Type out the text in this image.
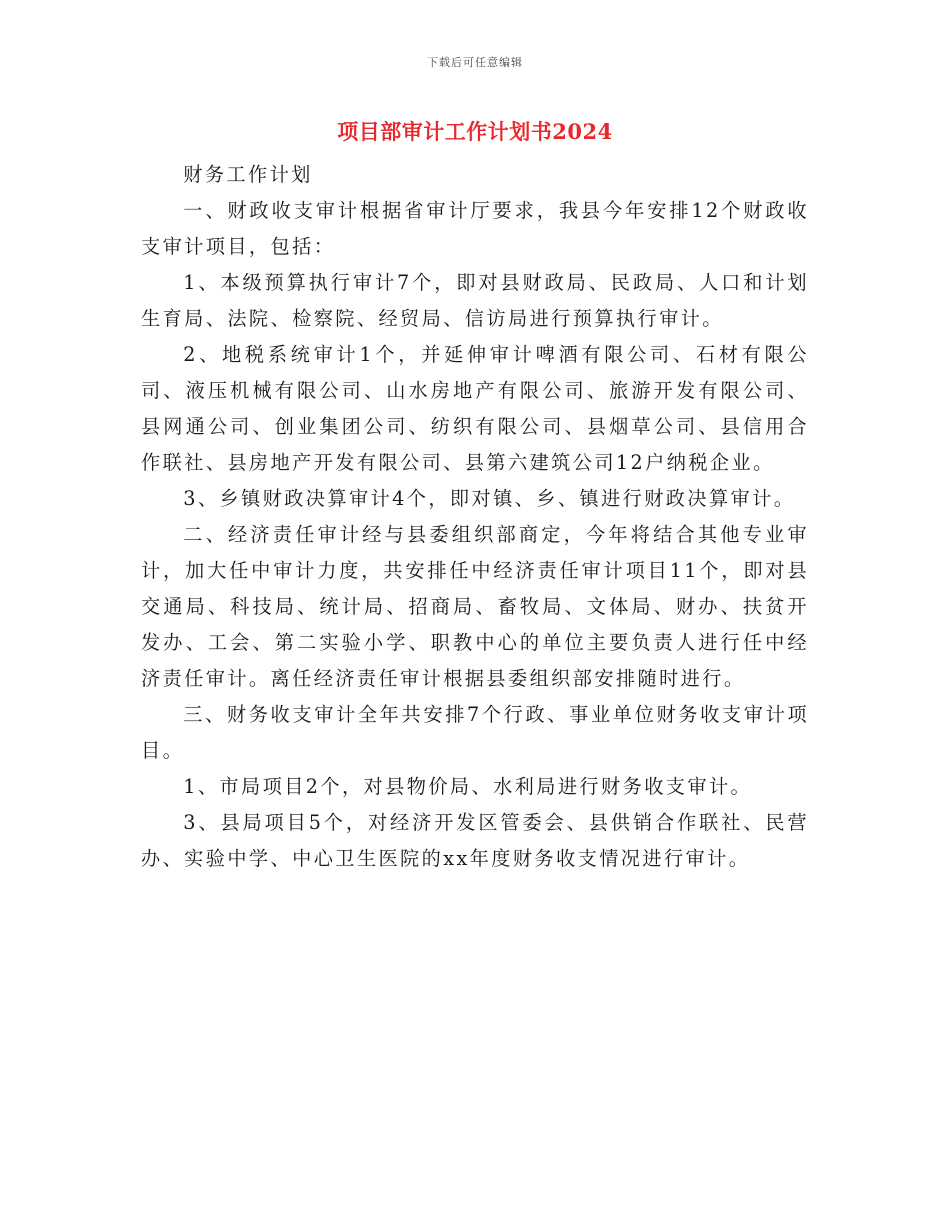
下载后可任意编辑
项目部审计工作计划书2024

财务工作计划

一、财政收支审计根据省审计厅要求，我县今年安排12个财政收支审计项目，包括：

1、本级预算执行审计7个，即对县财政局、民政局、人口和计划生育局、法院、检察院、经贸局、信访局进行预算执行审计。

2、地税系统审计1个，并延伸审计啤酒有限公司、石材有限公司、液压机械有限公司、山水房地产有限公司、旅游开发有限公司、县网通公司、创业集团公司、纺织有限公司、县烟草公司、县信用合作联社、县房地产开发有限公司、县第六建筑公司12户纳税企业。

3、乡镇财政决算审计4个，即对镇、乡、镇进行财政决算审计。

二、经济责任审计经与县委组织部商定，今年将结合其他专业审计，加大任中审计力度，共安排任中经济责任审计项目11个，即对县交通局、科技局、统计局、招商局、畜牧局、文体局、财办、扶贫开发办、工会、第二实验小学、职教中心的单位主要负责人进行任中经济责任审计。离任经济责任审计根据县委组织部安排随时进行。

三、财务收支审计全年共安排7个行政、事业单位财务收支审计项目。

1、市局项目2个，对县物价局、水利局进行财务收支审计。

3、县局项目5个，对经济开发区管委会、县供销合作联社、民营办、实验中学、中心卫生医院的xx年度财务收支情况进行审计。
